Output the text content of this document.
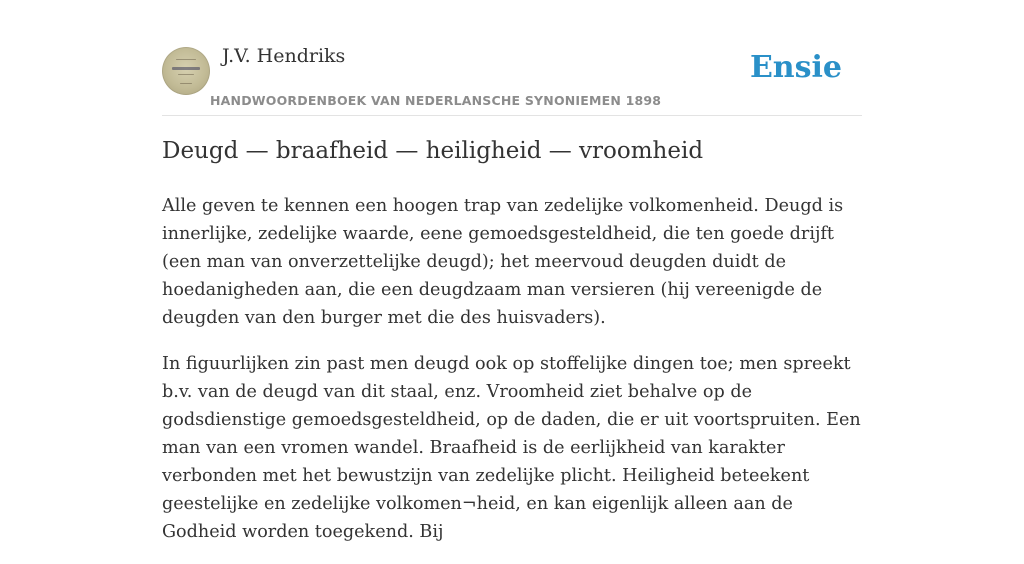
J.V. Hendriks
HANDWOORDENBOEK VAN NEDERLANSCHE SYNONIEMEN 1898
Ensie
Deugd — braafheid — heiligheid — vroomheid

Alle geven te kennen een hoogen trap van zedelijke volkomenheid. Deugd is innerlijke, zedelijke waarde, eene gemoedsgesteldheid, die ten goede drijft (een man van onverzettelijke deugd); het meervoud deugden duidt de hoedanigheden aan, die een deugdzaam man versieren (hij vereenigde de deugden van den burger met die des huisvaders).

In figuurlijken zin past men deugd ook op stoffelijke dingen toe; men spreekt b.v. van de deugd van dit staal, enz. Vroomheid ziet behalve op de godsdienstige gemoedsgesteldheid, op de daden, die er uit voortspruiten. Een man van een vromen wandel. Braafheid is de eerlijkheid van karakter verbonden met het bewustzijn van zedelijke plicht. Heiligheid beteekent geestelijke en zedelijke volkomen¬heid, en kan eigenlijk alleen aan de Godheid worden toegekend. Bij
